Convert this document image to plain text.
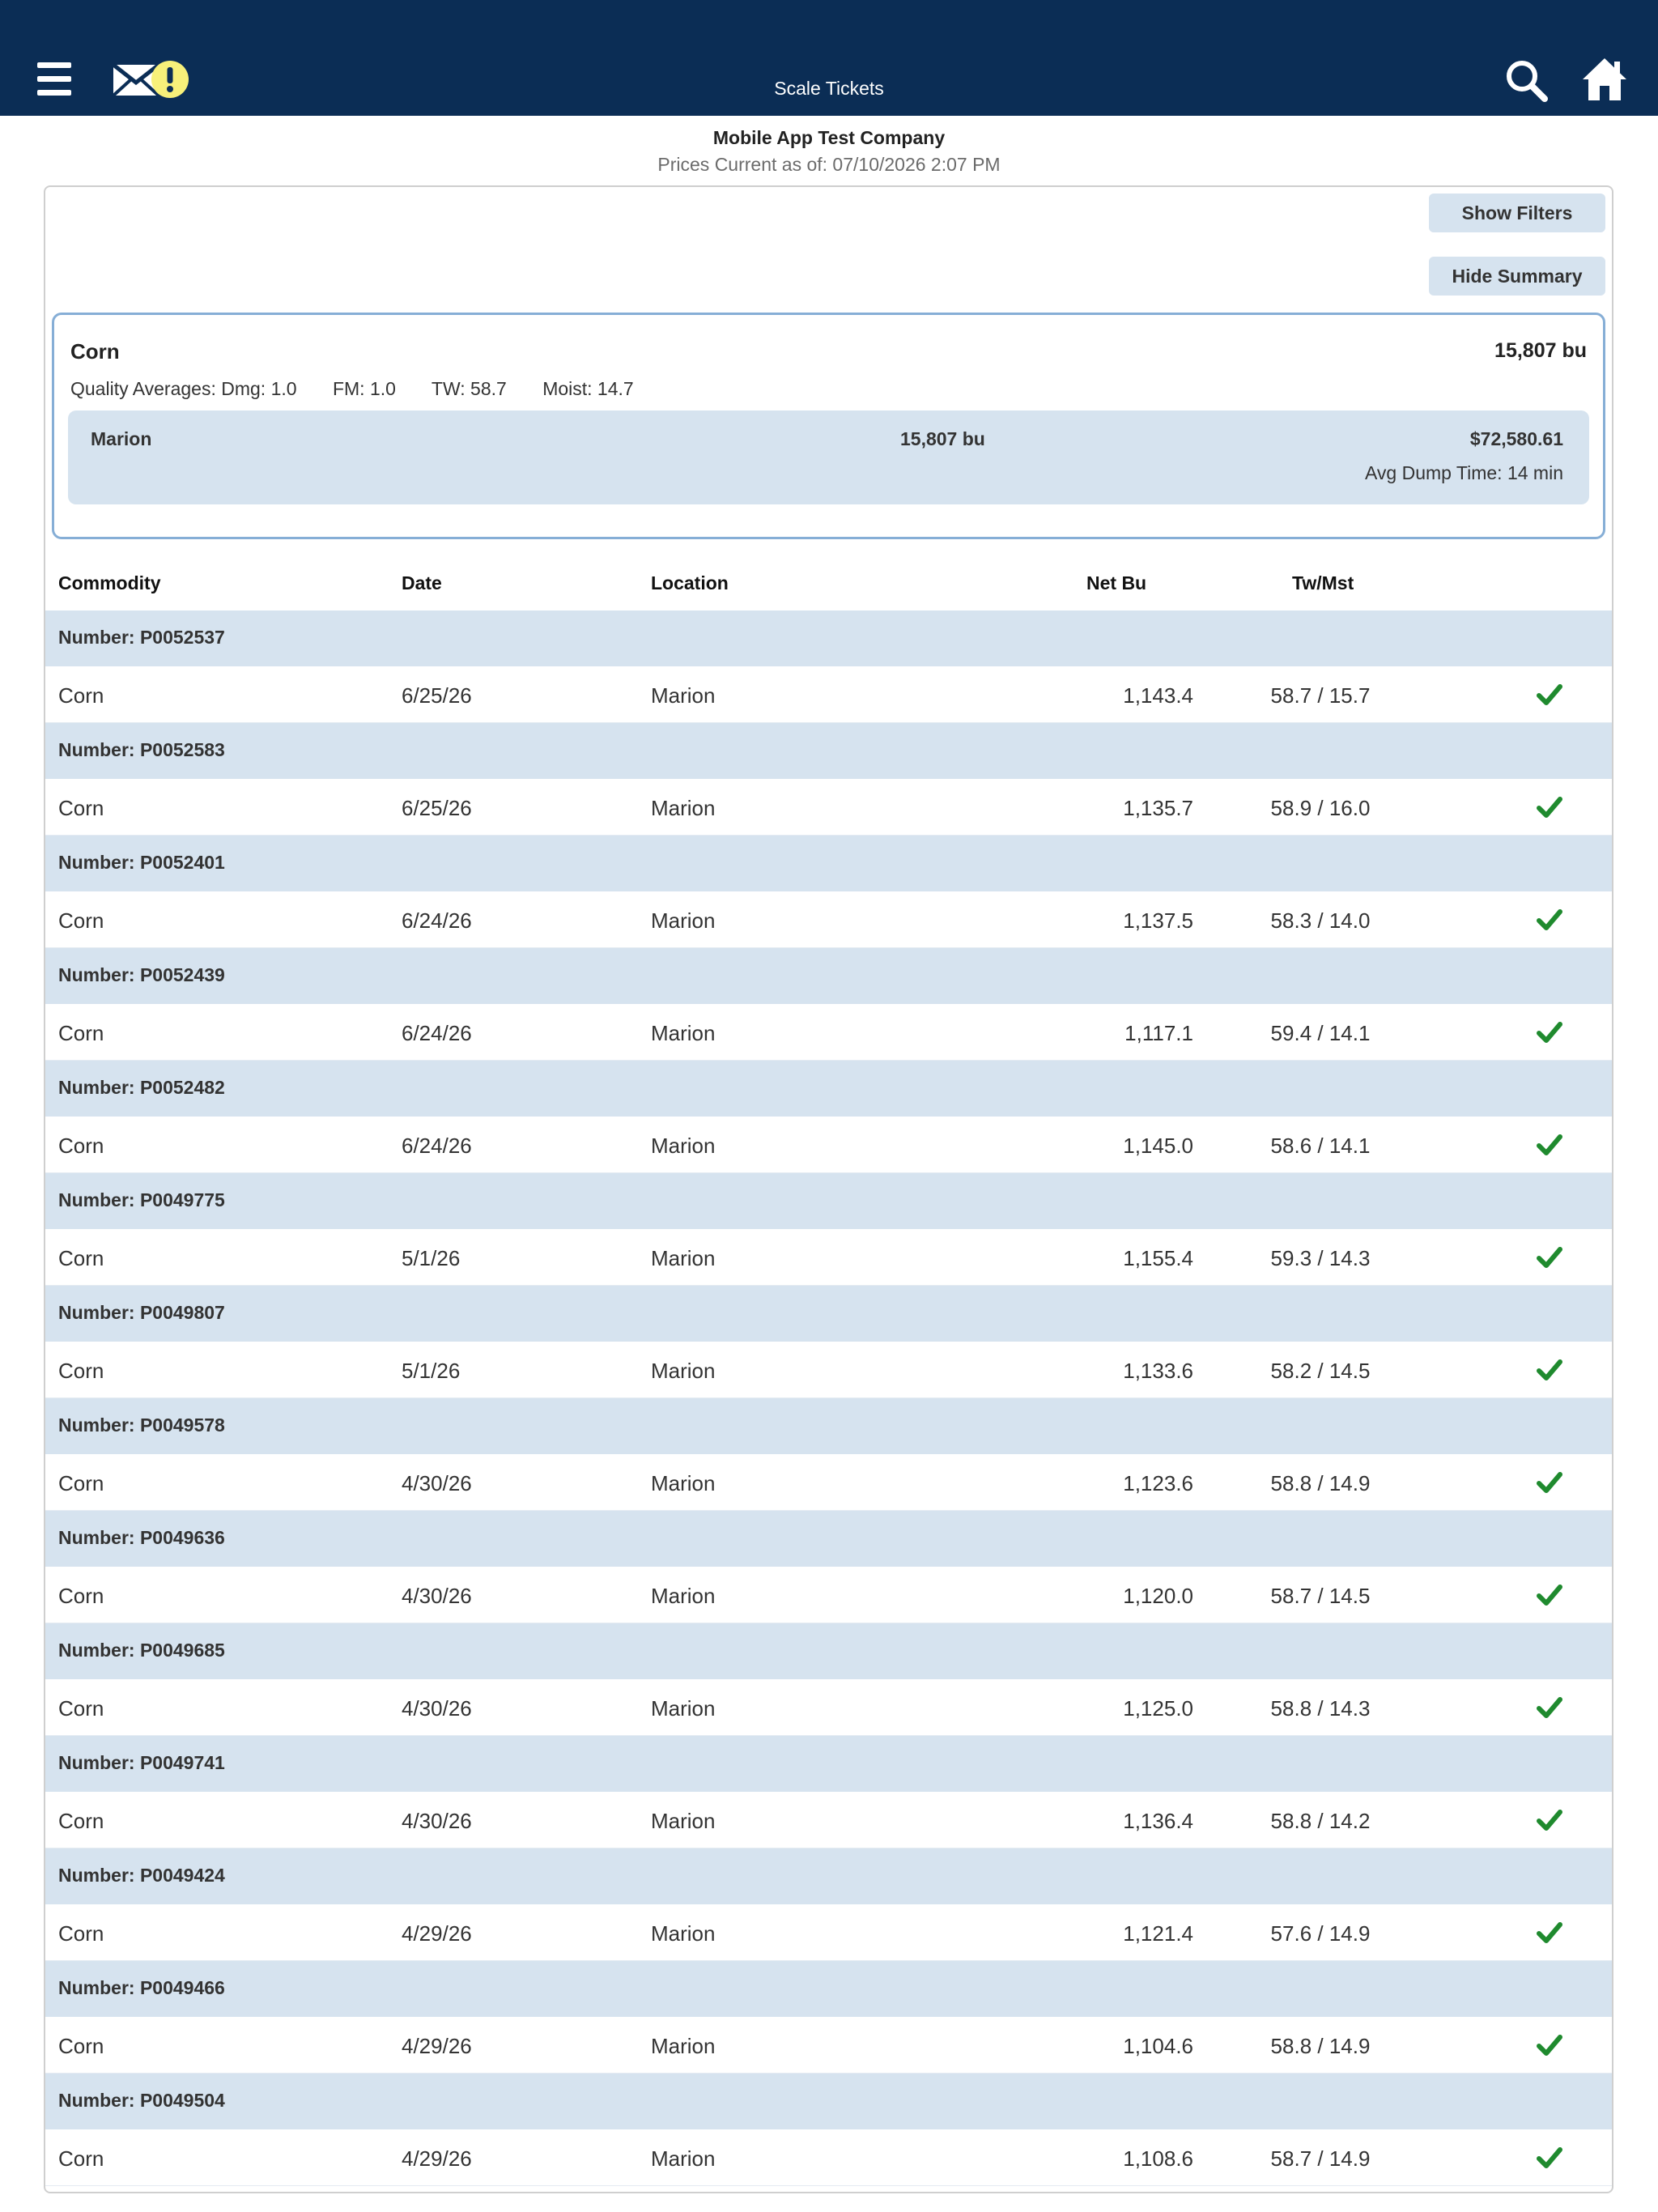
Scale Tickets
Mobile App Test Company
Prices Current as of: 07/10/2026 2:07 PM
Show Filters
Hide Summary
Corn	15,807 bu
Quality Averages: Dmg: 1.0 FM: 1.0 TW: 58.7 Moist: 14.7
Marion	15,807 bu	$72,580.61
Avg Dump Time: 14 min
Commodity	Date	Location	Net Bu	Tw/Mst
Number: P0052537
Corn	6/25/26	Marion	1,143.4	58.7 / 15.7
Number: P0052583
Corn	6/25/26	Marion	1,135.7	58.9 / 16.0
Number: P0052401
Corn	6/24/26	Marion	1,137.5	58.3 / 14.0
Number: P0052439
Corn	6/24/26	Marion	1,117.1	59.4 / 14.1
Number: P0052482
Corn	6/24/26	Marion	1,145.0	58.6 / 14.1
Number: P0049775
Corn	5/1/26	Marion	1,155.4	59.3 / 14.3
Number: P0049807
Corn	5/1/26	Marion	1,133.6	58.2 / 14.5
Number: P0049578
Corn	4/30/26	Marion	1,123.6	58.8 / 14.9
Number: P0049636
Corn	4/30/26	Marion	1,120.0	58.7 / 14.5
Number: P0049685
Corn	4/30/26	Marion	1,125.0	58.8 / 14.3
Number: P0049741
Corn	4/30/26	Marion	1,136.4	58.8 / 14.2
Number: P0049424
Corn	4/29/26	Marion	1,121.4	57.6 / 14.9
Number: P0049466
Corn	4/29/26	Marion	1,104.6	58.8 / 14.9
Number: P0049504
Corn	4/29/26	Marion	1,108.6	58.7 / 14.9
